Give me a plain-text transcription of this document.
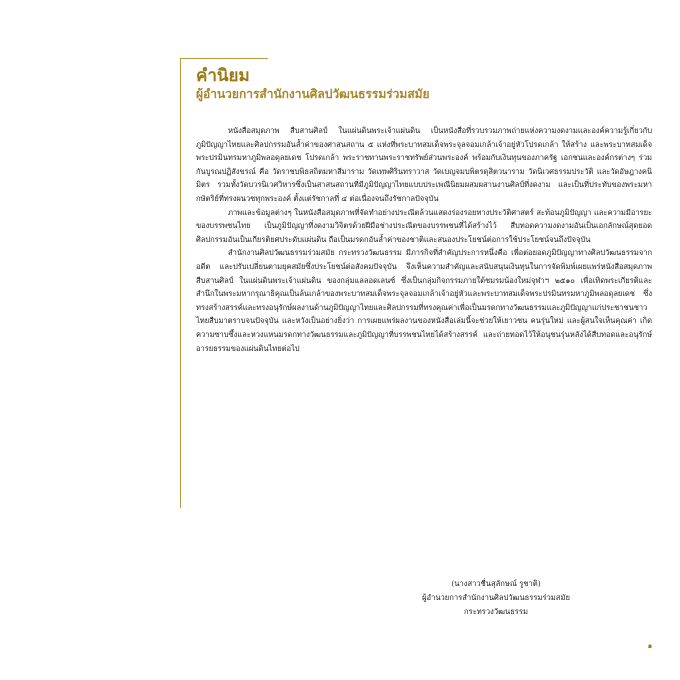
คำนิยม
ผู้อำนวยการสำนักงานศิลปวัฒนธรรมร่วมสมัย

หนังสือสมุดภาพ สืบสานศิลป์ ในแผ่นดินพระเจ้าแผ่นดิน เป็นหนังสือที่รวบรวมภาพถ่ายแห่งความงดงามและองค์ความรู้เกี่ยวกับภูมิปัญญาไทยและศิลปกรรมอันล้ำค่าของศาสนสถาน ๕ แห่งที่พระบาทสมเด็จพระจุลจอมเกล้าเจ้าอยู่หัวโปรดเกล้า ให้สร้าง และพระบาทสมเด็จพระปรมินทรมหาภูมิพลอดุลยเดช โปรดเกล้า พระราชทานพระราชทรัพย์ส่วนพระองค์ พร้อมกับเงินทุนของภาครัฐ เอกชนและองค์กรต่างๆ ร่วมกันบูรณปฏิสังขรณ์ คือ วัดราชบพิธสถิตมหาสีมาราม วัดเทพศิรินทราวาส วัดเบญจมบพิตรดุสิตวนาราม วัดนิเวศธรรมประวัติ และวัดอัษฎางคนิมิตร รวมทั้งวัดบวรนิเวศวิหารซึ่งเป็นสาสนสถานที่มีภูมิปัญญาไทยแบบประเพณีนิยมผสมผสานงานศิลป์ที่งดงาม และเป็นที่ประทับของพระมหากษัตริย์ที่ทรงผนวชทุกพระองค์ ตั้งแต่รัชกาลที่ ๔ ต่อเนื่องจนถึงรัชกาลปัจจุบัน

ภาพและข้อมูลต่างๆ ในหนังสือสมุดภาพที่จัดทำอย่างประณีตล้วนแสดงร่องรอยทางประวัติศาสตร์ สะท้อนภูมิปัญญา และความมีอารยะของบรรพชนไทย เป็นภูมิปัญญาที่งดงามวิจิตรด้วยฝีมือช่างประณีตของบรรพชนที่ได้สร้างไว้ สืบทอดความงดงามอันเป็นเอกลักษณ์สุดยอดศิลปกรรมอันเป็นเกียรติยศประดับแผ่นดิน ถือเป็นมรดกอันล้ำค่าของชาติและสนองประโยชน์ต่อการใช้ประโยชน์จนถึงปัจจุบัน

สำนักงานศิลปวัฒนธรรมร่วมสมัย กระทรวงวัฒนธรรม มีภารกิจที่สำคัญประการหนึ่งคือ เพื่อต่อยอดภูมิปัญญาทางศิลปวัฒนธรรมจากอดีต และปรับเปลี่ยนตามยุคสมัยซึ่งประโยชน์ต่อสังคมปัจจุบัน จึงเห็นความสำคัญและสนับสนุนเงินทุนในการจัดพิมพ์เผยแพร่หนังสือสมุดภาพ สืบสานศิลป์ ในแผ่นดินพระเจ้าแผ่นดิน ของกลุ่มแลลอดเลนซ์ ซึ่งเป็นกลุ่มกิจกรรมภายใต้ชมรมน้องใหม่จุฬาฯ ๒๕๑๐ เพื่อเทิดพระเกียรติและสำนึกในพระมหากรุณาธิคุณเป็นล้นเกล้าของพระบาทสมเด็จพระจุลจอมเกล้าเจ้าอยู่หัวและพระบาทสมเด็จพระปรมินทรมหาภูมิพลอดุลยเดช ซึ่งทรงสร้างสรรค์และทรงอนุรักษ์ผลงานด้านภูมิปัญญาไทยและศิลปกรรมที่ทรงคุณค่าเพื่อเป็นมรดกทางวัฒนธรรมและภูมิปัญญาแก่ประชาชนชาวไทยสืบมาตราบจนปัจจุบัน และหวังเป็นอย่างยิ่งว่า การเผยแพร่ผลงานของหนังสือเล่มนี้จะช่วยให้เยาวชน คนรุ่นใหม่ และผู้สนใจเห็นคุณค่า เกิดความซาบซึ้งและหวงแหนมรดกทางวัฒนธรรมและภูมิปัญญาที่บรรพชนไทยได้สร้างสรรค์ และถ่ายทอดไว้ให้อนุชนรุ่นหลังได้สืบทอดและอนุรักษ์อารยธรรมของแผ่นดินไทยต่อไป

(นางสาวชื่นสุลักษณ์ รูชาติ)
ผู้อำนวยการสำนักงานศิลปวัฒนธรรมร่วมสมัย
กระทรวงวัฒนธรรม
๑
